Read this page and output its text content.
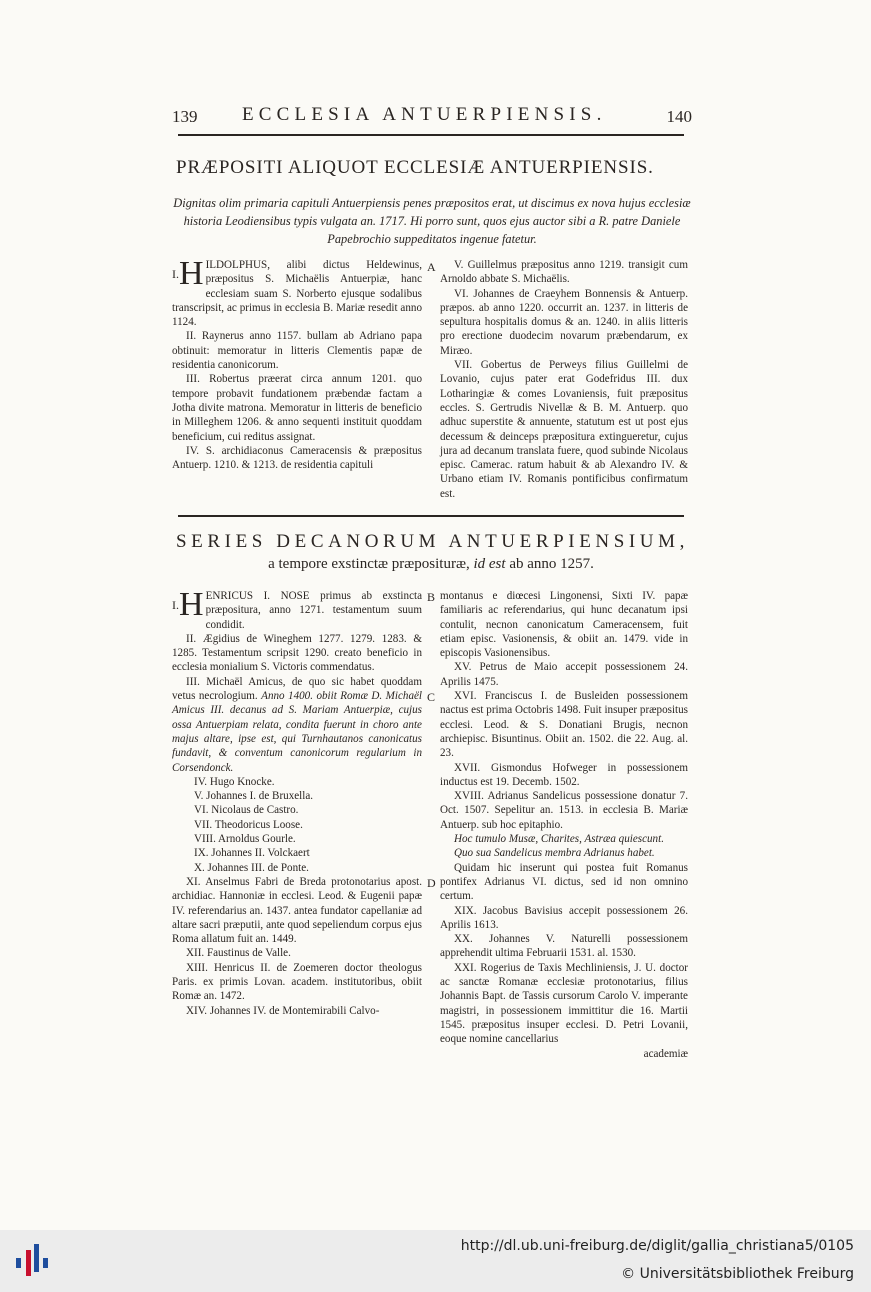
139 ECCLESIA ANTUERPIENSIS.	140
PRÆPOSITI ALIQUOT ECCLESIÆ ANTUERPIENSIS.
Dignitas olim primaria capituli Antuerpiensis penes præpositos erat, ut discimus ex nova hujus ecclesiæ historia Leodiensibus typis vulgata an. 1717. Hi porro sunt, quos ejus auctor sibi a R. patre Daniele Papebrochio suppeditatos ingenue fatetur.

$^{I.}$H ILDOLPHUS, alibi dictus Heldewinus, præpositus S. Michaëlis Antuerpiæ, hanc ecclesiam suam S. Norberto ejusque sodalibus transcripsit, ac primus in ecclesia B. Mariæ resedit anno 1124.

II. Raynerus anno 1157. bullam ab Adriano papa obtinuit: memoratur in litteris Clementis papæ de residentia canonicorum.

III. Robertus præerat circa annum 1201. quo tempore probavit fundationem præbendæ factam a Jotha divite matrona. Memoratur in litteris de beneficio in Milleghem 1206. & anno sequenti instituit quoddam beneficium, cui reditus assignat.

IV. S. archidiaconus Cameracensis & præpositus Antuerp. 1210. & 1213. de residentia capituli

A	V. Guillelmus præpositus anno 1219. transigit cum Arnoldo abbate S. Michaëlis.

VI. Johannes de Craeyhem Bonnensis & Antuerp. præpos. ab anno 1220. occurrit an. 1237. in litteris de sepultura hospitalis domus & an. 1240. in aliis litteris pro erectione duodecim novarum præbendarum, ex Miræo.

VII. Gobertus de Perweys filius Guillelmi de Lovanio, cujus pater erat Godefridus III. dux Lotharingiæ & comes Lovaniensis, fuit præpositus eccles. S. Gertrudis Nivellæ & B. M. Antuerp. quo adhuc superstite & annuente, statutum est ut post ejus decessum & deinceps præpositura extingueretur, cujus jura ad decanum translata fuere, quod subinde Nicolaus episc. Camerac. ratum habuit & ab Alexandro IV. & Urbano etiam IV. Romanis pontificibus confirmatum est.

SERIES DECANORUM ANTUERPIENSIUM,
a tempore exstinctæ præposituræ, id est ab anno 1257.

$^{I.}$H ENRICUS I. NOSE primus ab exstincta præpositura, anno 1271. testamentum suum condidit.

II. Ægidius de Wineghem 1277. 1279. 1283. & 1285. Testamentum scripsit 1290. creato beneficio in ecclesia monialium S. Victoris commendatus.

III. Michaël Amicus, de quo sic habet quoddam vetus necrologium. Anno 1400. obiit Romæ D. Michaël Amicus III. decanus ad S. Mariam Antuerpiæ, cujus ossa Antuerpiam relata, condita fuerunt in choro ante majus altare, ipse est, qui Turnhautanos canonicatus fundavit, & conventum canonicorum regularium in Corsendonck.

IV. Hugo Knocke.

V. Johannes I. de Bruxella.

VI. Nicolaus de Castro.

VII. Theodoricus Loose.

VIII. Arnoldus Gourle.

IX. Johannes II. Volckaert

X. Johannes III. de Ponte.

XI. Anselmus Fabri de Breda protonotarius apost. archidiac. Hannoniæ in ecclesi. Leod. & Eugenii papæ IV. referendarius an. 1437. antea fundator capellaniæ ad altare sacri præputii, ante quod sepeliendum corpus ejus Roma allatum fuit an. 1449.

XII. Faustinus de Valle.

XIII. Henricus II. de Zoemeren doctor theologus Paris. ex primis Lovan. academ. institutoribus, obiit Romæ an. 1472.

XIV. Johannes IV. de Montemirabili Calvo-

B
C
D

montanus e diœcesi Lingonensi, Sixti IV. papæ familiaris ac referendarius, qui hunc decanatum ipsi contulit, necnon canonicatum Cameracensem, fuit etiam episc. Vasionensis, & obiit an. 1479. vide in episcopis Vasionensibus.

XV. Petrus de Maio accepit possessionem 24. Aprilis 1475.

XVI. Franciscus I. de Busleiden possessionem nactus est prima Octobris 1498. Fuit insuper præpositus ecclesi. Leod. & S. Donatiani Brugis, necnon archiepisc. Bisuntinus. Obiit an. 1502. die 22. Aug. al. 23.

XVII. Gismondus Hofweger in possessionem inductus est 19. Decemb. 1502.

XVIII. Adrianus Sandelicus possessione donatur 7. Oct. 1507. Sepelitur an. 1513. in ecclesia B. Mariæ Antuerp. sub hoc epitaphio.

Hoc tumulo Musæ, Charites, Astræa quiescunt.

Quo sua Sandelicus membra Adrianus habet.

Quidam hic inserunt qui postea fuit Romanus pontifex Adrianus VI. dictus, sed id non omnino certum.

XIX. Jacobus Bavisius accepit possessionem 26. Aprilis 1613.

XX. Johannes V. Naturelli possessionem apprehendit ultima Februarii 1531. al. 1530.

XXI. Rogerius de Taxis Mechliniensis, J. U. doctor ac sanctæ Romanæ ecclesiæ protonotarius, filius Johannis Bapt. de Tassis cursorum Carolo V. imperante magistri, in possessionem immittitur die 16. Martii 1545. præpositus insuper ecclesi. D. Petri Lovanii, eoque nomine cancellarius

academiæ

http://dl.ub.uni-freiburg.de/diglit/gallia_christiana5/0105
© Universitätsbibliothek Freiburg
